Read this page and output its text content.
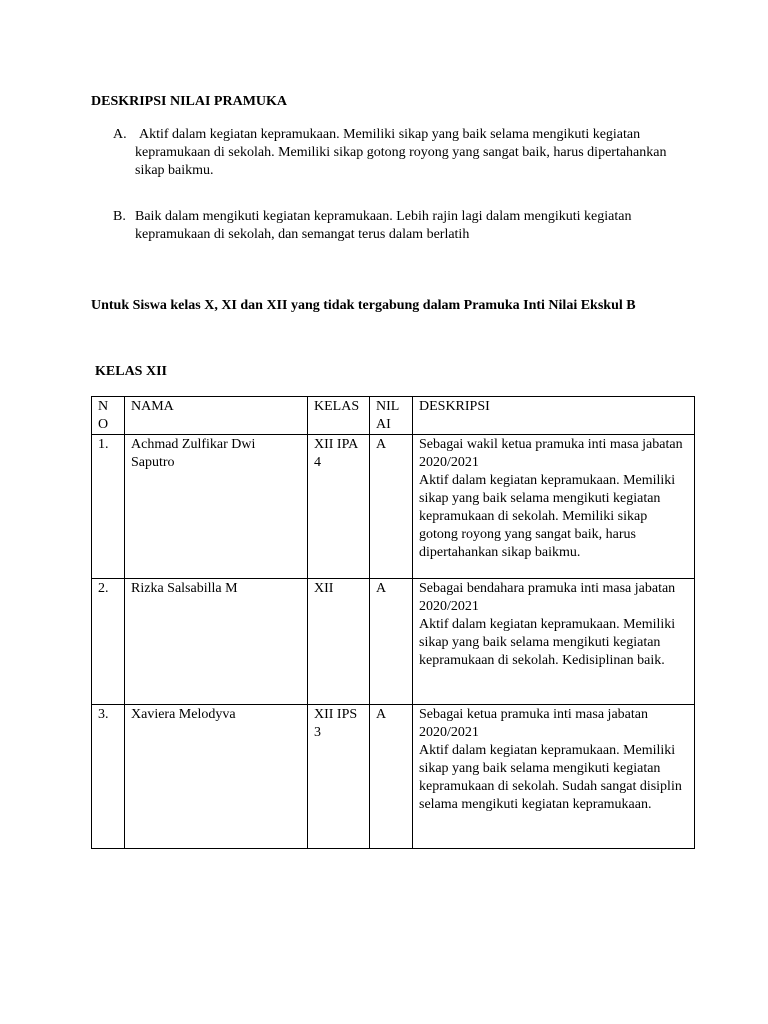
DESKRIPSI NILAI PRAMUKA
A. Aktif dalam kegiatan kepramukaan. Memiliki sikap yang baik selama mengikuti kegiatan kepramukaan di sekolah. Memiliki sikap gotong royong yang sangat baik, harus dipertahankan sikap baikmu.
B. Baik dalam mengikuti kegiatan kepramukaan. Lebih rajin lagi dalam mengikuti kegiatan kepramukaan di sekolah, dan semangat terus dalam berlatih
Untuk Siswa kelas X, XI dan XII yang tidak tergabung dalam Pramuka Inti Nilai Ekskul B
KELAS XII
NO	NAMA	KELAS	NILAI	DESKRIPSI
1.	Achmad Zulfikar Dwi Saputro	XII IPA 4	A	Sebagai wakil ketua pramuka inti masa jabatan 2020/2021
Aktif dalam kegiatan kepramukaan. Memiliki sikap yang baik selama mengikuti kegiatan kepramukaan di sekolah. Memiliki sikap gotong royong yang sangat baik, harus dipertahankan sikap baikmu.

2.	Rizka Salsabilla M	XII	A	Sebagai bendahara pramuka inti masa jabatan 2020/2021
Aktif dalam kegiatan kepramukaan. Memiliki sikap yang baik selama mengikuti kegiatan kepramukaan di sekolah. Kedisiplinan baik.

3.	Xaviera Melodyva	XII IPS 3	A	Sebagai ketua pramuka inti masa jabatan 2020/2021
Aktif dalam kegiatan kepramukaan. Memiliki sikap yang baik selama mengikuti kegiatan kepramukaan di sekolah. Sudah sangat disiplin selama mengikuti kegiatan kepramukaan.
